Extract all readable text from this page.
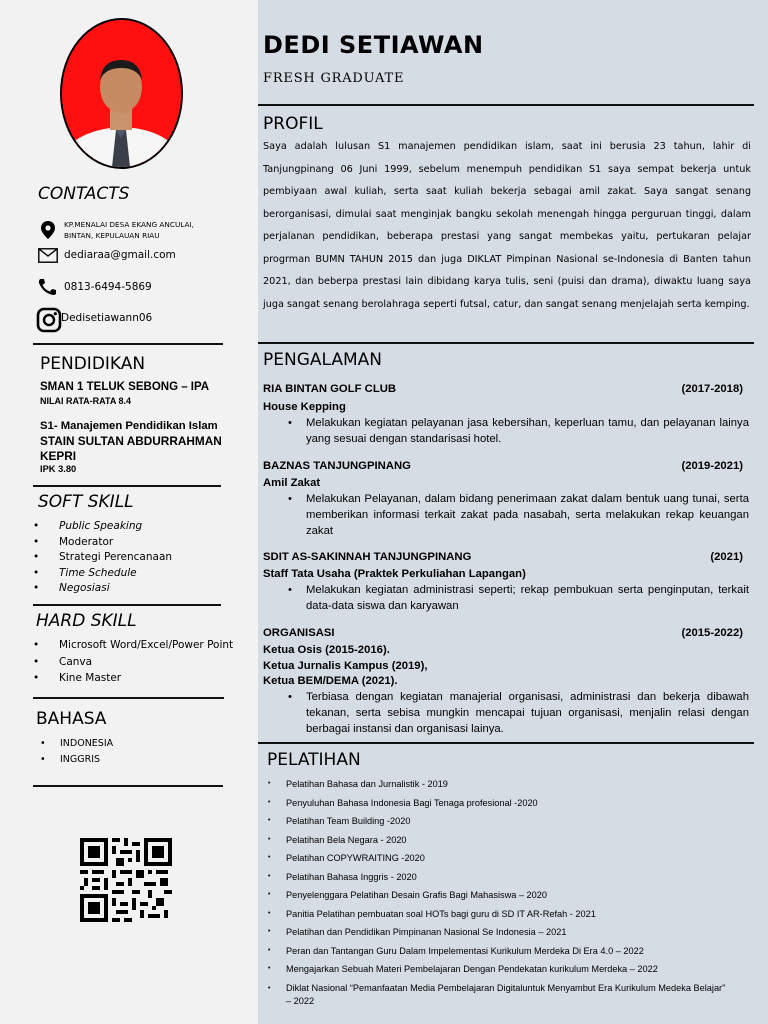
CONTACTS
KP.MENALAI DESA EKANG ANCULAI,
BINTAN, KEPULAUAN RIAU
dediaraa@gmail.com
0813-6494-5869
Dedisetiawann06
PENDIDIKAN
SMAN 1 TELUK SEBONG – IPA
NILAI RATA-RATA 8.4
S1- Manajemen Pendidikan Islam
STAIN SULTAN ABDURRAHMAN
KEPRI
IPK 3.80
SOFT SKILL
• Public Speaking
• Moderator
• Strategi Perencanaan
• Time Schedule
• Negosiasi
HARD SKILL
• Microsoft Word/Excel/Power Point
• Canva
• Kine Master
BAHASA
• INDONESIA
• INGGRIS
DEDI SETIAWAN
FRESH GRADUATE
PROFIL
Saya adalah lulusan S1 manajemen pendidikan islam, saat ini berusia 23 tahun, lahir di Tanjungpinang 06 Juni 1999, sebelum menempuh pendidikan S1 saya sempat bekerja untuk pembiyaan awal kuliah, serta saat kuliah bekerja sebagai amil zakat. Saya sangat senang berorganisasi, dimulai saat menginjak bangku sekolah menengah hingga perguruan tinggi, dalam perjalanan pendidikan, beberapa prestasi yang sangat membekas yaitu, pertukaran pelajar progrman BUMN TAHUN 2015 dan juga DIKLAT Pimpinan Nasional se-Indonesia di Banten tahun 2021, dan beberpa prestasi lain dibidang karya tulis, seni (puisi dan drama), diwaktu luang saya juga sangat senang berolahraga seperti futsal, catur, dan sangat senang menjelajah serta kemping.
PENGALAMAN
RIA BINTAN GOLF CLUB	(2017-2018)
House Kepping
• Melakukan kegiatan pelayanan jasa kebersihan, keperluan tamu, dan pelayanan lainya yang sesuai dengan standarisasi hotel.
BAZNAS TANJUNGPINANG	(2019-2021)
Amil Zakat
• Melakukan Pelayanan, dalam bidang penerimaan zakat dalam bentuk uang tunai, serta memberikan informasi terkait zakat pada nasabah, serta melakukan rekap keuangan zakat
SDIT AS-SAKINNAH TANJUNGPINANG	(2021)
Staff Tata Usaha (Praktek Perkuliahan Lapangan)
• Melakukan kegiatan administrasi seperti; rekap pembukuan serta penginputan, terkait data-data siswa dan karyawan
ORGANISASI	(2015-2022)
Ketua Osis (2015-2016).
Ketua Jurnalis Kampus (2019),
Ketua BEM/DEMA (2021).
• Terbiasa dengan kegiatan manajerial organisasi, administrasi dan bekerja dibawah tekanan, serta sebisa mungkin mencapai tujuan organisasi, menjalin relasi dengan berbagai instansi dan organisasi lainya.
PELATIHAN
• Pelatihan Bahasa dan Jurnalistik - 2019
• Penyuluhan Bahasa Indonesia Bagi Tenaga profesional -2020
• Pelatihan Team Building -2020
• Pelatihan Bela Negara - 2020
• Pelatihan COPYWRAITING -2020
• Pelatihan Bahasa Inggris - 2020
• Penyelenggara Pelatihan Desain Grafis Bagi Mahasiswa – 2020
• Panitia Pelatihan pembuatan soal HOTs bagi guru di SD IT AR-Refah - 2021
• Pelatihan dan Pendidikan Pimpinanan Nasional Se Indonesia – 2021
• Peran dan Tantangan Guru Dalam Impelementasi Kurikulum Merdeka Di Era 4.0 – 2022
• Mengajarkan Sebuah Materi Pembelajaran Dengan Pendekatan kurikulum Merdeka – 2022
• Diklat Nasional “Pemanfaatan Media Pembelajaran Digitaluntuk Menyambut Era Kurikulum Medeka Belajar” – 2022
